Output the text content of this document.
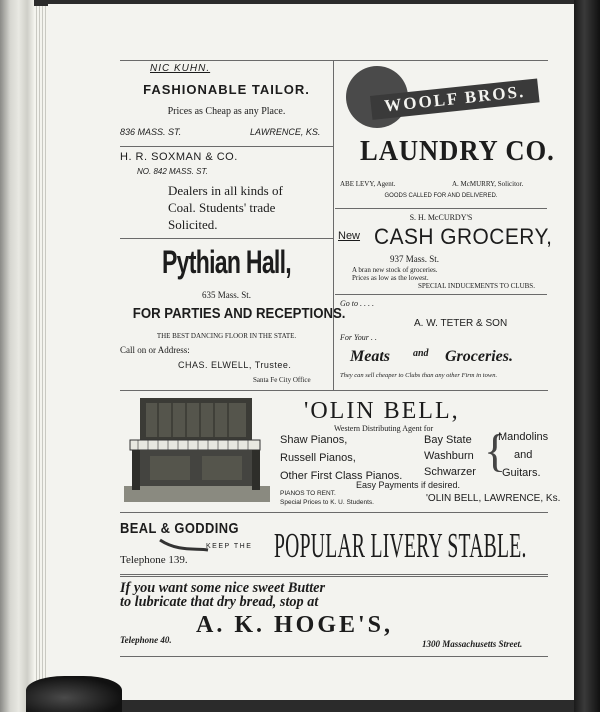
NIC KUHN.
FASHIONABLE TAILOR.
Prices as Cheap as any Place.
836 MASS. ST.	LAWRENCE, KS.
H. R. SOXMAN & CO.
NO. 842 MASS. ST.
Dealers in all kinds of
Coal. Students' trade
Solicited.
Pythian Hall,
635 Mass. St.
FOR PARTIES AND RECEPTIONS.
THE BEST DANCING FLOOR IN THE STATE.
Call on or Address:
CHAS. ELWELL, Trustee.
Santa Fe City Office
WOOLF BROS.
LAUNDRY CO.
ABE LEVY, Agent.	A. McMURRY, Solicitor.
GOODS CALLED FOR AND DELIVERED.
S. H. McCURDY'S
New CASH GROCERY,
937 Mass. St.
A bran new stock of groceries.
Prices as low as the lowest.
SPECIAL INDUCEMENTS TO CLUBS.
Go to . . . .
A. W. TETER & SON
For Your . .
Meats and Groceries.
They can sell cheaper to Clubs than any other Firm in town.
'OLIN BELL,
Western Distributing Agent for
Shaw Pianos,
Russell Pianos,
Other First Class Pianos.
Bay State
Washburn
Schwarzer {
Mandolins
and
Guitars.
Easy Payments if desired.
PIANOS TO RENT.
Special Prices to K. U. Students.	'OLIN BELL, LAWRENCE, Ks.
BEAL & GODDING
KEEP THE
Telephone 139. POPULAR LIVERY STABLE.
If you want some nice sweet Butter
to lubricate that dry bread, stop at
A. K. HOGE'S,
Telephone 40.	1300 Massachusetts Street.
